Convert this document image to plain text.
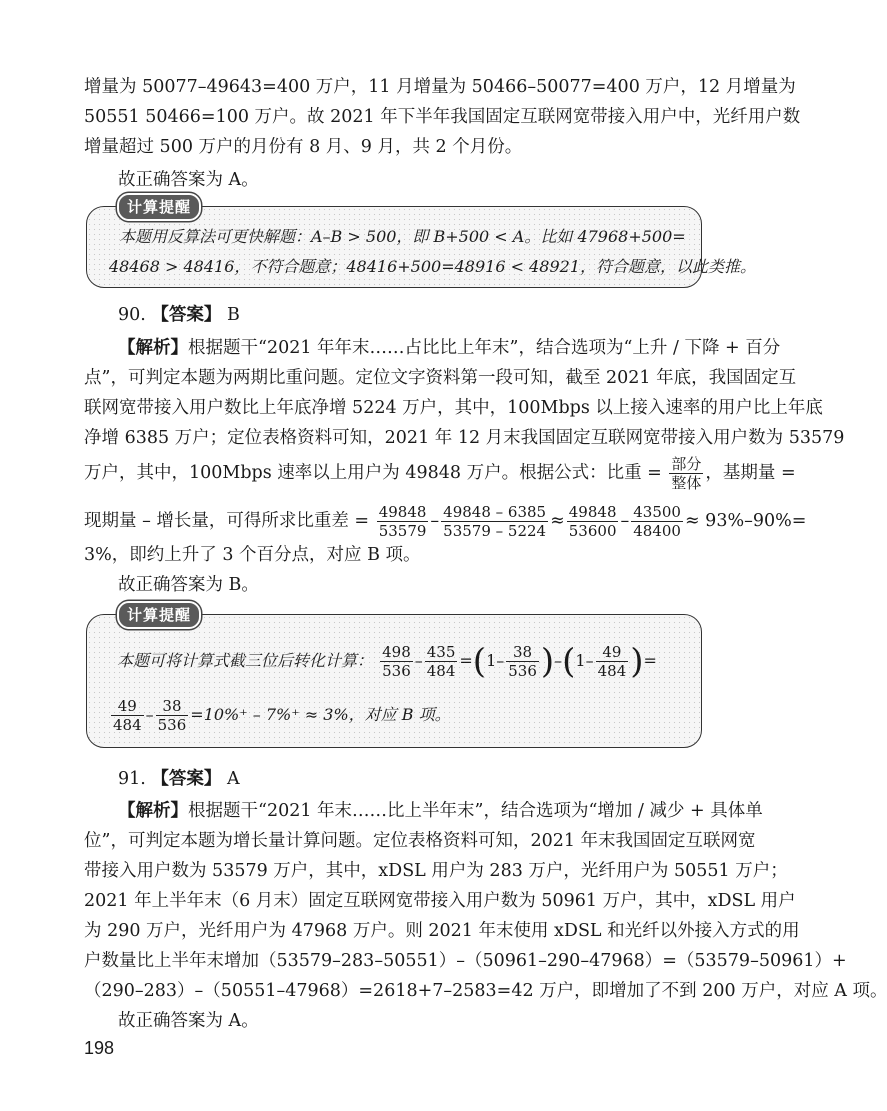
增量为 50077–49643=400 万户，11 月增量为 50466–50077=400 万户，12 月增量为
50551 50466=100 万户。故 2021 年下半年我国固定互联网宽带接入用户中，光纤用户数
增量超过 500 万户的月份有 8 月、9 月，共 2 个月份。
故正确答案为 A。
计算提醒
本题用反算法可更快解题：A–B > 500，即 B+500 < A。比如 47968+500=
48468 > 48416，不符合题意；48416+500=48916 < 48921，符合题意，以此类推。
90. 【答案】 B
【解析】根据题干“2021 年年末……占比比上年末”，结合选项为“上升 / 下降 + 百分
点”，可判定本题为两期比重问题。定位文字资料第一段可知，截至 2021 年底，我国固定互
联网宽带接入用户数比上年底净增 5224 万户，其中，100Mbps 以上接入速率的用户比上年底
净增 6385 万户；定位表格资料可知，2021 年 12 月末我国固定互联网宽带接入用户数为 53579
万户，其中，100Mbps 速率以上用户为 49848 万户。根据公式：比重 = $\frac{\text{部分}}{\text{整体}}$ ，基期量 =
现期量 – 增长量，可得所求比重差 = $\frac{49848}{53579} - \frac{49848 - 6385}{53579 - 5224} \approx \frac{49848}{53600} - \frac{43500}{48400} \approx 93\%-90\%=$
3%，即约上升了 3 个百分点，对应 B 项。
故正确答案为 B。
计算提醒
本题可将计算式截三位后转化计算： $\frac{498}{536} - \frac{435}{484} =(1- \frac{38}{536} )-(1- \frac{49}{484}$ )=
$\frac{49}{484} - \frac{38}{536} =10\%^+ - 7\%^+ \approx 3\%$，对应 B 项。
91. 【答案】 A
【解析】根据题干“2021 年末……比上半年末”，结合选项为“增加 / 减少 + 具体单
位”，可判定本题为增长量计算问题。定位表格资料可知，2021 年末我国固定互联网宽
带接入用户数为 53579 万户，其中，xDSL 用户为 283 万户，光纤用户为 50551 万户；
2021 年上半年末（6 月末）固定互联网宽带接入用户数为 50961 万户，其中，xDSL 用户
为 290 万户，光纤用户为 47968 万户。则 2021 年末使用 xDSL 和光纤以外接入方式的用
户数量比上半年末增加（53579–283–50551）–（50961–290–47968）=（53579–50961）+
（290–283）–（50551–47968）=2618+7–2583=42 万户，即增加了不到 200 万户，对应 A 项。
故正确答案为 A。
198
